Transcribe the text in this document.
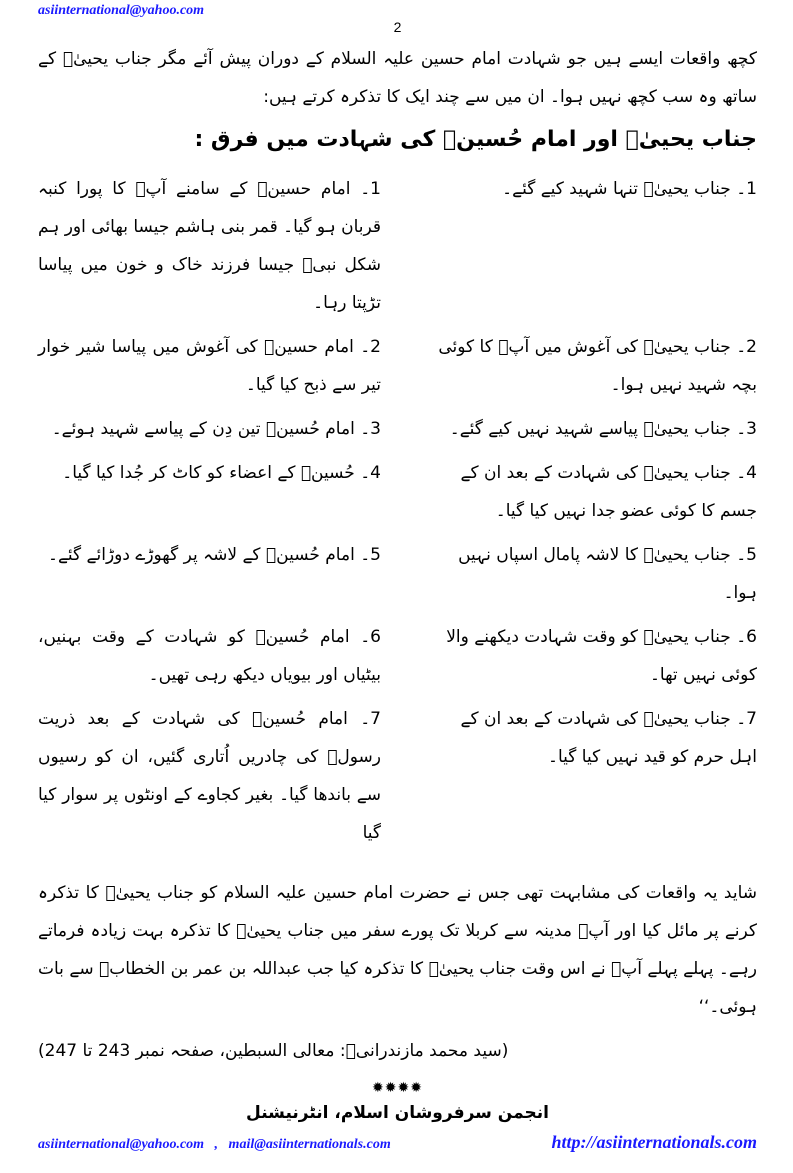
asiinternational@yahoo.com
2
کچھ واقعات ایسے ہیں جو شہادت امام حسین علیہ السلام کے دوران پیش آئے مگر جناب یحییٰؑ کے ساتھ وہ سب کچھ نہیں ہوا۔ ان میں سے چند ایک کا تذکرہ کرتے ہیں:
جناب یحییٰؑ اور امام حُسینؑ کی شہادت میں فرق :
1۔ جناب یحییٰؑ تنہا شہید کیے گئے۔
1۔ امام حسینؑ کے سامنے آپؑ کا پورا کنبہ قربان ہو گیا۔ قمر بنی ہاشم جیسا بھائی اور ہم شکل نبیؐ جیسا فرزند خاک و خون میں پیاسا تڑپتا رہا۔
2۔ جناب یحییٰؑ کی آغوش میں آپؑ کا کوئی بچہ شہید نہیں ہوا۔
2۔ امام حسینؑ کی آغوش میں پیاسا شیر خوار تیر سے ذبح کیا گیا۔
3۔ جناب یحییٰؑ پیاسے شہید نہیں کیے گئے۔
3۔ امام حُسینؑ تین دِن کے پیاسے شہید ہوئے۔
4۔ جناب یحییٰؑ کی شہادت کے بعد ان کے جسم کا کوئی عضو جدا نہیں کیا گیا۔
4۔ حُسینؑ کے اعضاء کو کاٹ کر جُدا کیا گیا۔
5۔ جناب یحییٰؑ کا لاشہ پامال اسپاں نہیں ہوا۔
5۔ امام حُسینؑ کے لاشہ پر گھوڑے دوڑائے گئے۔
6۔ جناب یحییٰؑ کو وقت شہادت دیکھنے والا کوئی نہیں تھا۔
6۔ امام حُسینؑ کو شہادت کے وقت بہنیں، بیٹیاں اور بیویاں دیکھ رہی تھیں۔
7۔ جناب یحییٰؑ کی شہادت کے بعد ان کے اہل حرم کو قید نہیں کیا گیا۔
7۔ امام حُسینؑ کی شہادت کے بعد ذریت رسولؐ کی چادریں اُتاری گئیں، ان کو رسیوں سے باندھا گیا۔ بغیر کجاوے کے اونٹوں پر سوار کیا گیا
شاید یہ واقعات کی مشابہت تھی جس نے حضرت امام حسین علیہ السلام کو جناب یحییٰؑ کا تذکرہ کرنے پر مائل کیا اور آپؑ مدینہ سے کربلا تک پورے سفر میں جناب یحییٰؑ کا تذکرہ بہت زیادہ فرماتے رہے۔ پہلے پہلے آپؑ نے اس وقت جناب یحییٰؑ کا تذکرہ کیا جب عبداللہ بن عمر بن الخطابؓ سے بات ہوئی۔‘‘
(سید محمد مازندرانیؒ: معالی السبطین، صفحہ نمبر 243 تا 247)
✹✹✹✹
انجمن سرفروشان اسلام، انٹرنیشنل
asiinternational@yahoo.com   ,   mail@asiinternationals.com	http://asiinternationals.com
